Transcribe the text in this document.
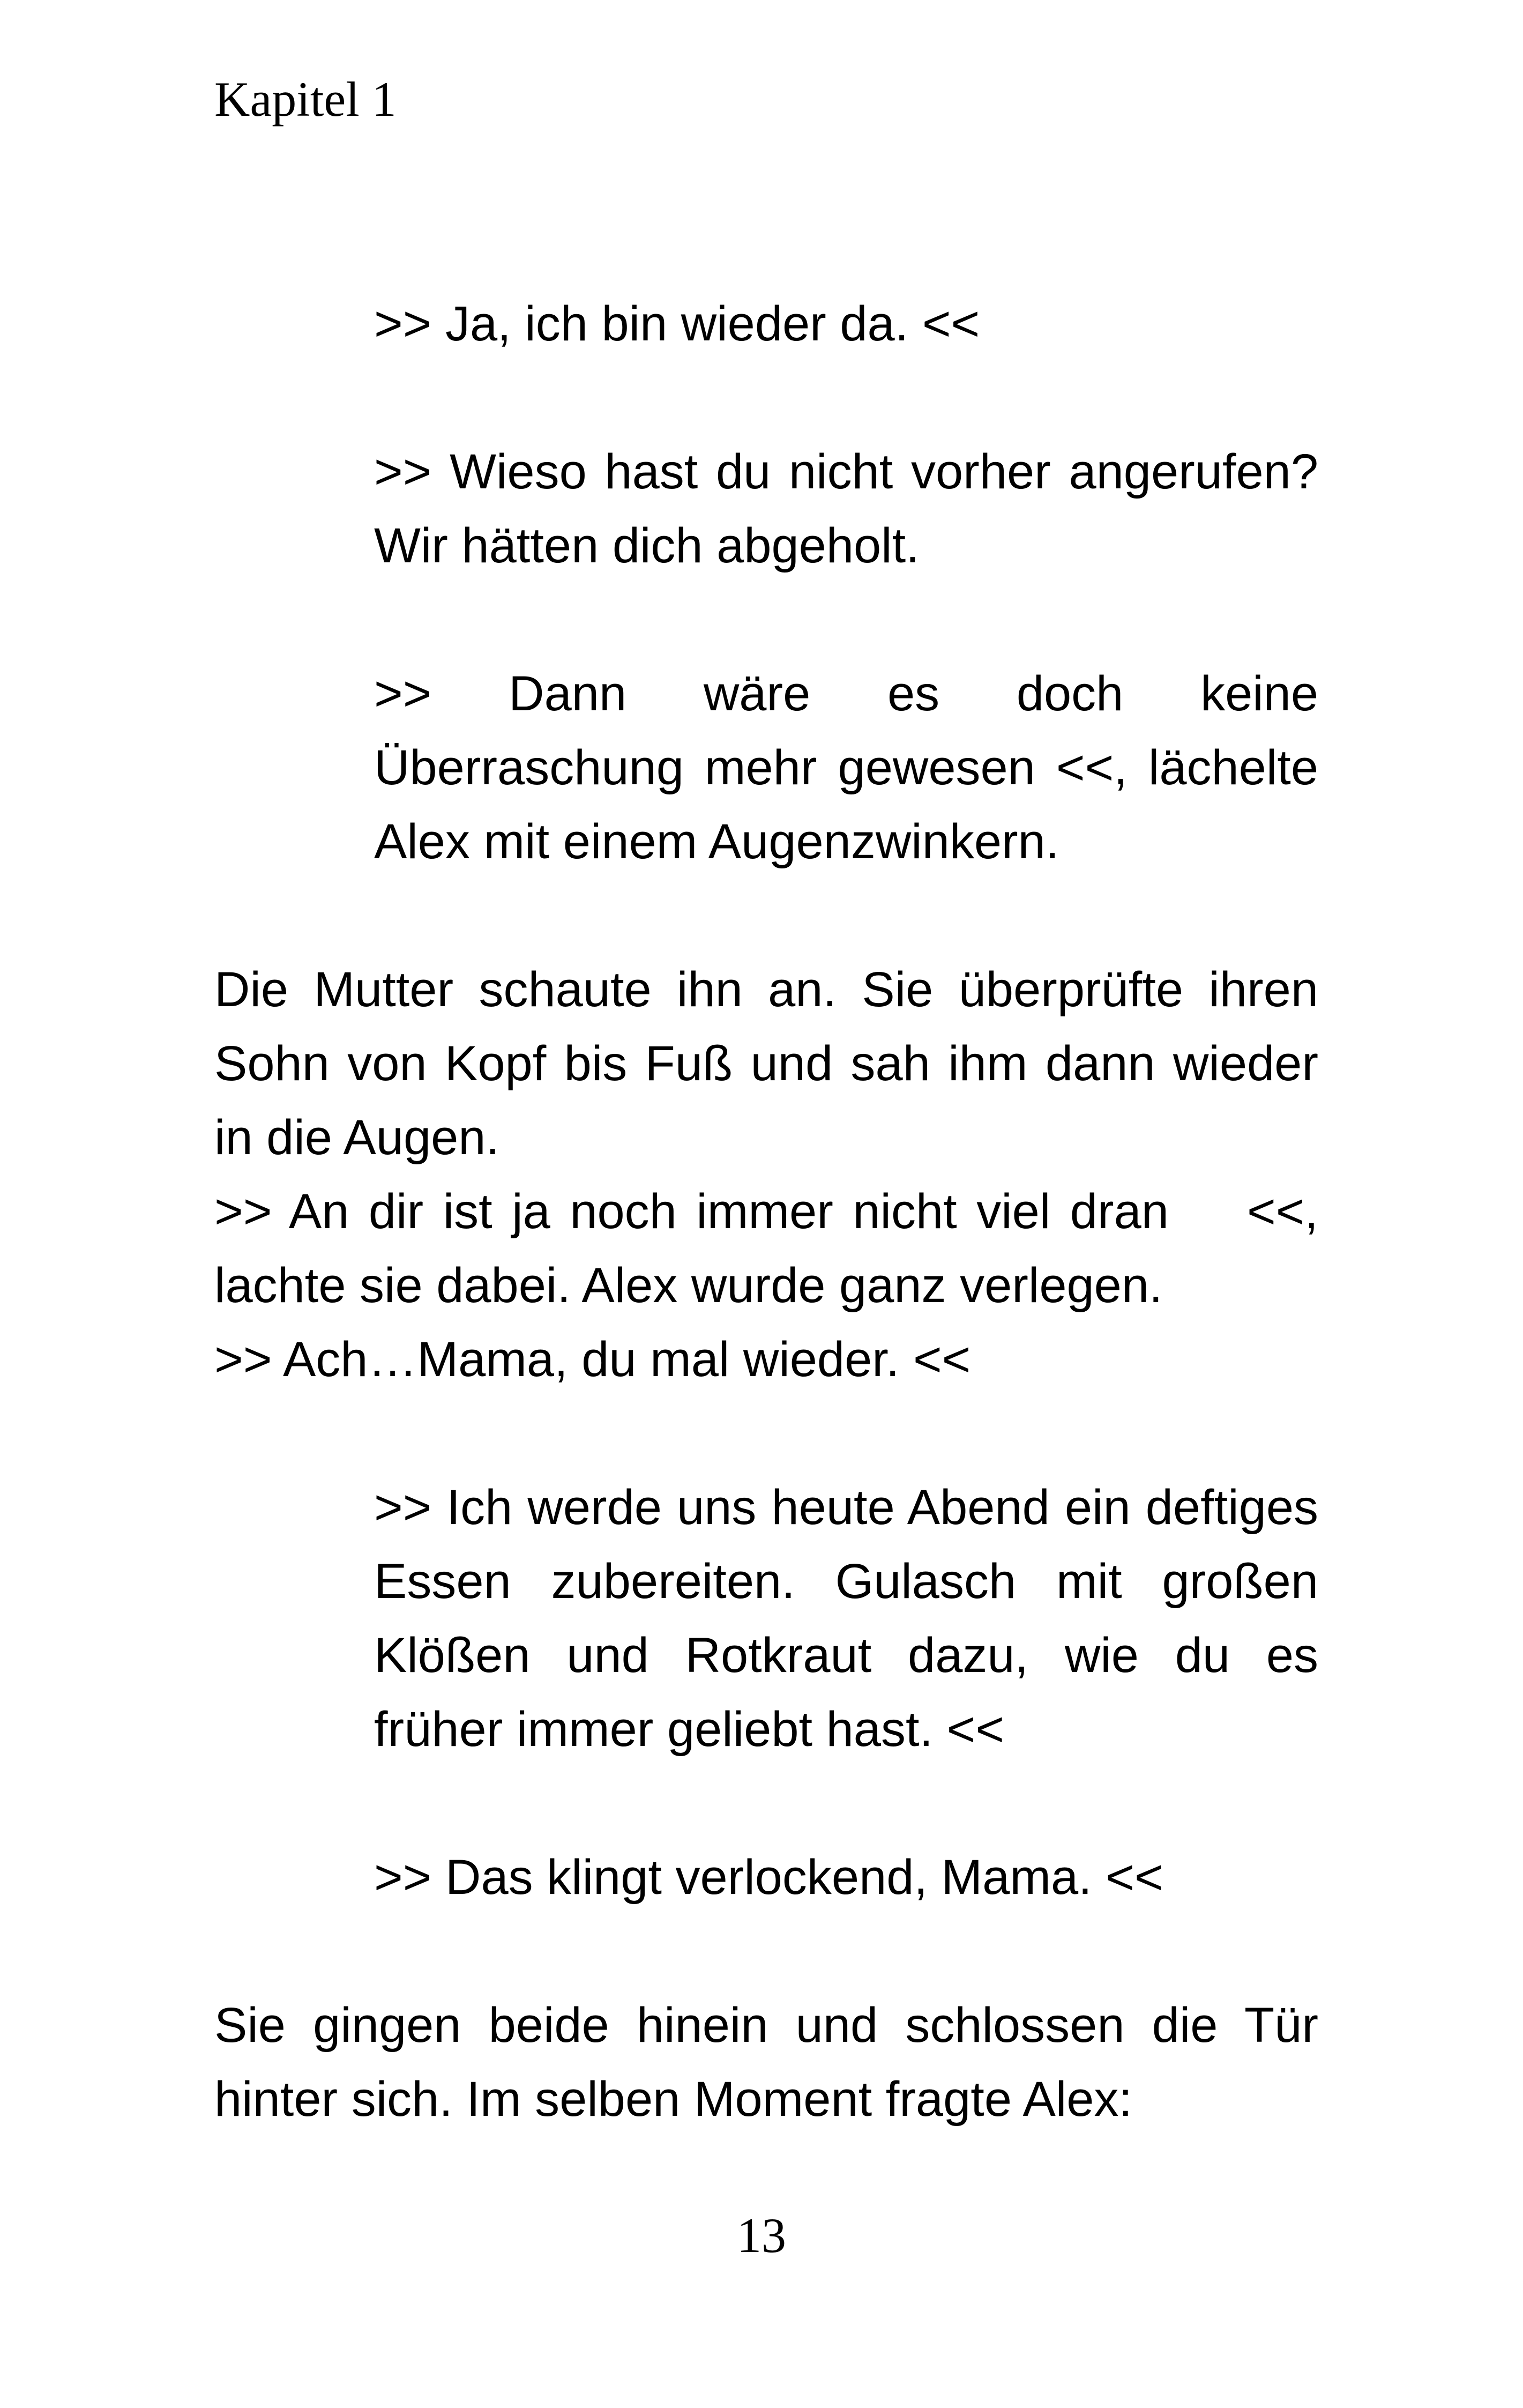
Kapitel 1

>> Ja, ich bin wieder da. <<

>> Wieso hast du nicht vorher angerufen? Wir hätten dich abgeholt.

>> Dann wäre es doch keine Überraschung mehr gewesen <<, lächelte Alex mit einem Augenzwinkern.

Die Mutter schaute ihn an. Sie überprüfte ihren Sohn von Kopf bis Fuß und sah ihm dann wieder in die Augen.
>> An dir ist ja noch immer nicht viel dran    <<, lachte sie dabei. Alex wurde ganz verlegen.
>> Ach…Mama, du mal wieder. <<

>> Ich werde uns heute Abend ein deftiges Essen zubereiten. Gulasch mit großen Klößen und Rotkraut dazu, wie du es früher immer geliebt hast. <<

>> Das klingt verlockend, Mama. <<

Sie gingen beide hinein und schlossen die Tür hinter sich. Im selben Moment fragte Alex:

13
